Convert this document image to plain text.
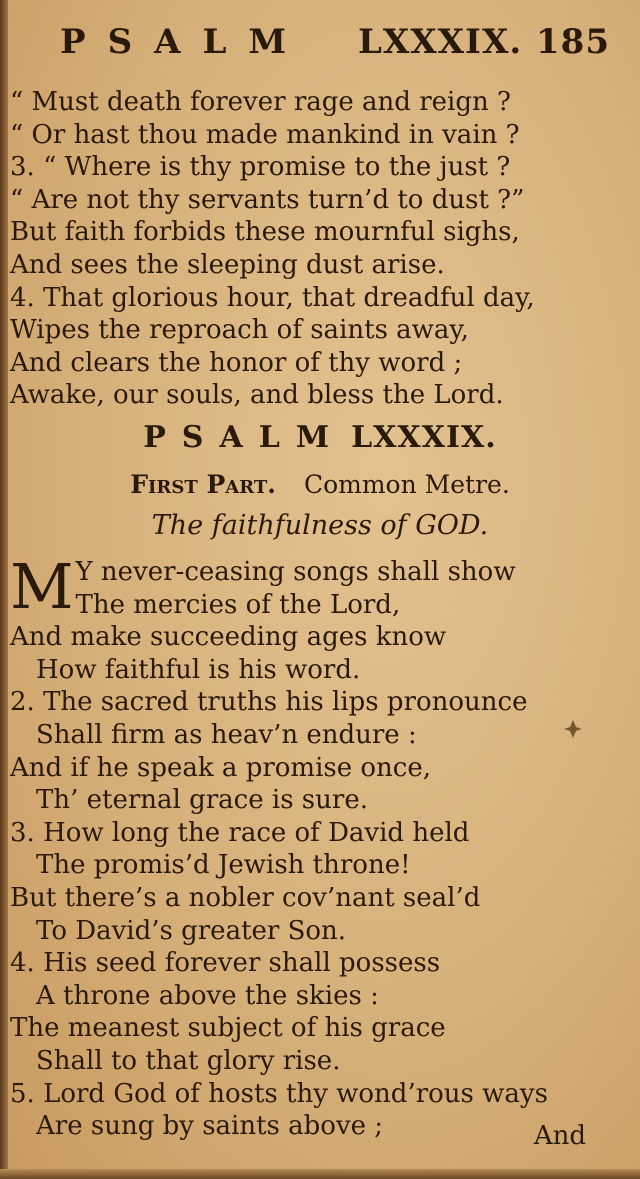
PSALM LXXXIX. 185
“ Must death forever rage and reign ?
“ Or hast thou made mankind in vain ?
3. “ Where is thy promise to the just ?
“ Are not thy servants turn’d to dust ?”
But faith forbids these mournful sighs,
And sees the sleeping dust arise.
4. That glorious hour, that dreadful day,
Wipes the reproach of saints away,
And clears the honor of thy word ;
Awake, our souls, and bless the Lord.
PSALM LXXXIX.
First Part. Common Metre.
The faithfulness of GOD.
M Y never-ceasing songs shall show
The mercies of the Lord,
And make succeeding ages know
How faithful is his word.
2. The sacred truths his lips pronounce
Shall firm as heav’n endure :
And if he speak a promise once,
Th’ eternal grace is sure.
3. How long the race of David held
The promis’d Jewish throne!
But there’s a nobler cov’nant seal’d
To David’s greater Son.
4. His seed forever shall possess
A throne above the skies :
The meanest subject of his grace
Shall to that glory rise.
5. Lord God of hosts thy wond’rous ways
Are sung by saints above ;	And
